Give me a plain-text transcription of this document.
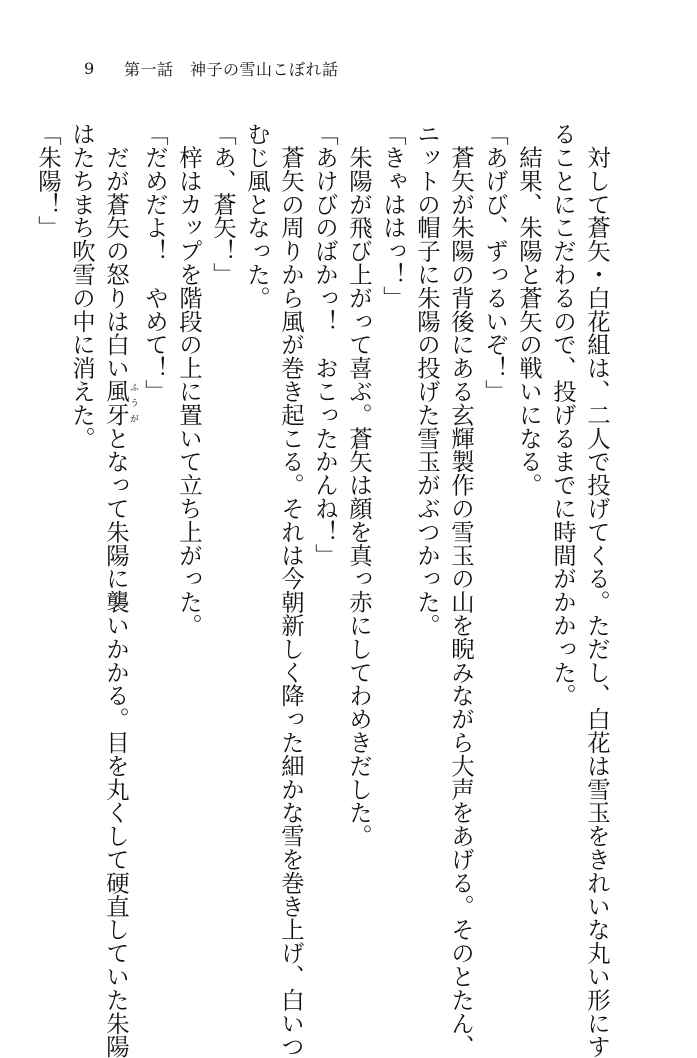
9	第一話　神子の雪山こぼれ話
　対して蒼矢・白花組は、二人で投げてくる。ただし、白花は雪玉をきれいな丸い形にす
ることにこだわるので、投げるまでに時間がかかった。
　結果、朱陽と蒼矢の戦いになる。
「あげび、ずっるいぞ！」
　蒼矢が朱陽の背後にある玄輝製作の雪玉の山を睨みながら大声をあげる。そのとたん、
ニットの帽子に朱陽の投げた雪玉がぶつかった。
「きゃははっ！」
　朱陽が飛び上がって喜ぶ。蒼矢は顔を真っ赤にしてわめきだした。
「あけびのばかっ！　おこったかんね！」
　蒼矢の周りから風が巻き起こる。それは今朝新しく降った細かな雪を巻き上げ、白いつ
むじ風となった。
「あ、蒼矢！」
　梓はカップを階段の上に置いて立ち上がった。
「だめだよ！　やめて！」
　だが蒼矢の怒りは白い風牙ふうがとなって朱陽に襲いかかる。目を丸くして硬直していた朱陽
はたちまち吹雪の中に消えた。
「朱陽！」
